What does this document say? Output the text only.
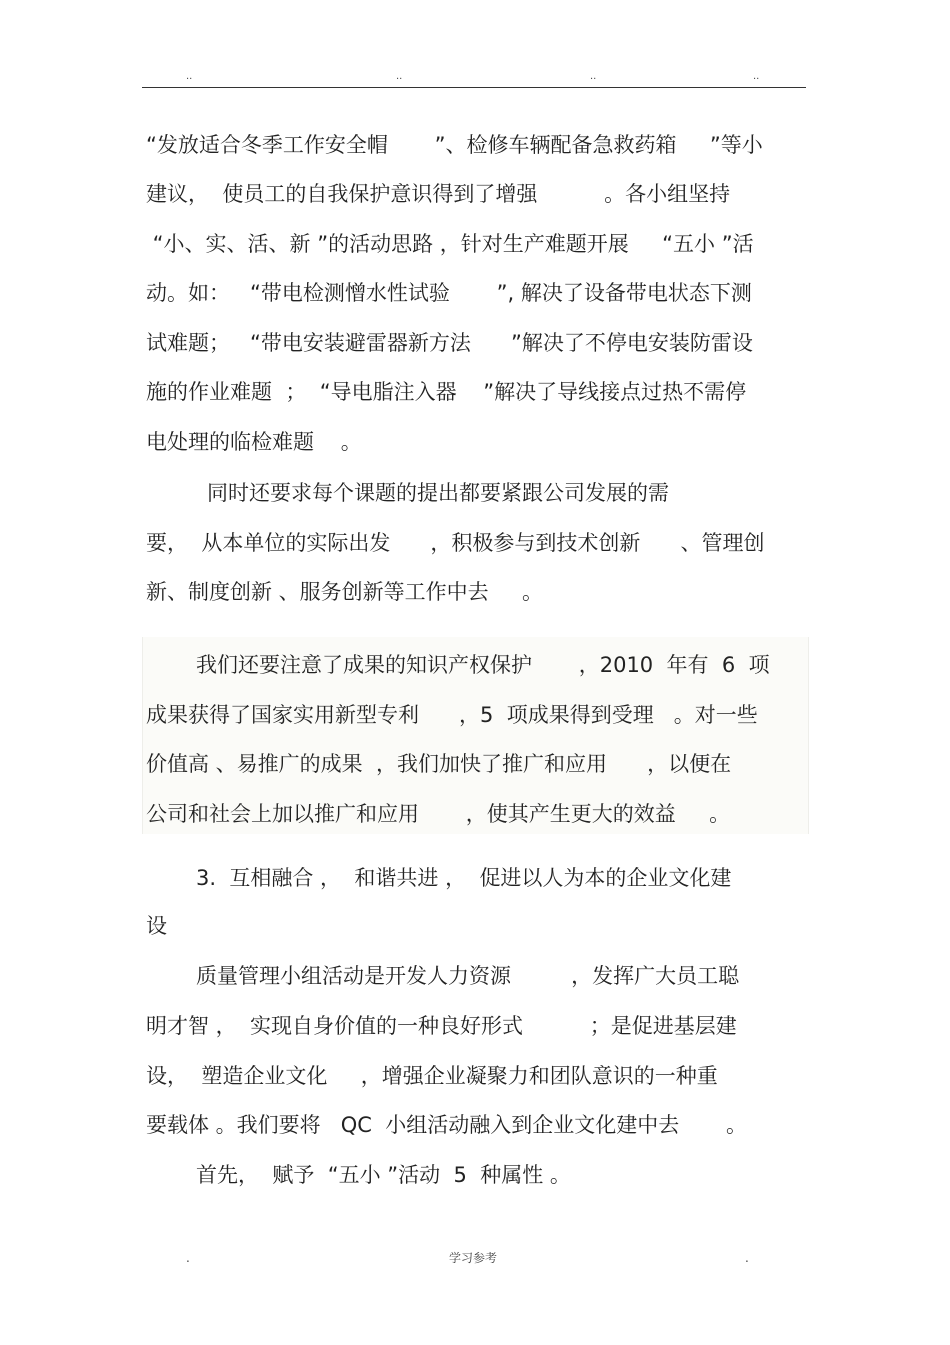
..	..	..	..
“发放适合冬季工作安全帽       ”、检修车辆配备急救药箱     ”等小
建议，  使员工的自我保护意识得到了增强          。各小组坚持
“小、实、活、新 ”的活动思路 ，针对生产难题开展     “五小 ”活
动。如：   “带电检测憎水性试验       ”, 解决了设备带电状态下测
试难题；   “带电安装避雷器新方法      ”解决了不停电安装防雷设
施的作业难题  ；  “导电脂注入器    ”解决了导线接点过热不需停
电处理的临检难题    。
同时还要求每个课题的提出都要紧跟公司发展的需
要，  从本单位的实际出发      ，积极参与到技术创新      、管理创
新、制度创新 、服务创新等工作中去     。
我们还要注意了成果的知识产权保护       ，2010  年有  6  项
成果获得了国家实用新型专利      ，5  项成果得到受理   。对一些
价值高 、易推广的成果  ，我们加快了推广和应用      ，以便在
公司和社会上加以推广和应用       ，使其产生更大的效益     。
3.  互相融合 ，  和谐共进 ，  促进以人为本的企业文化建
设
质量管理小组活动是开发人力资源         ，发挥广大员工聪
明才智 ，  实现自身价值的一种良好形式          ；是促进基层建
设，  塑造企业文化     ，增强企业凝聚力和团队意识的一种重
要载体 。我们要将   QC  小组活动融入到企业文化建中去       。
首先，  赋予  “五小 ”活动  5  种属性 。
.	学习参考	.
